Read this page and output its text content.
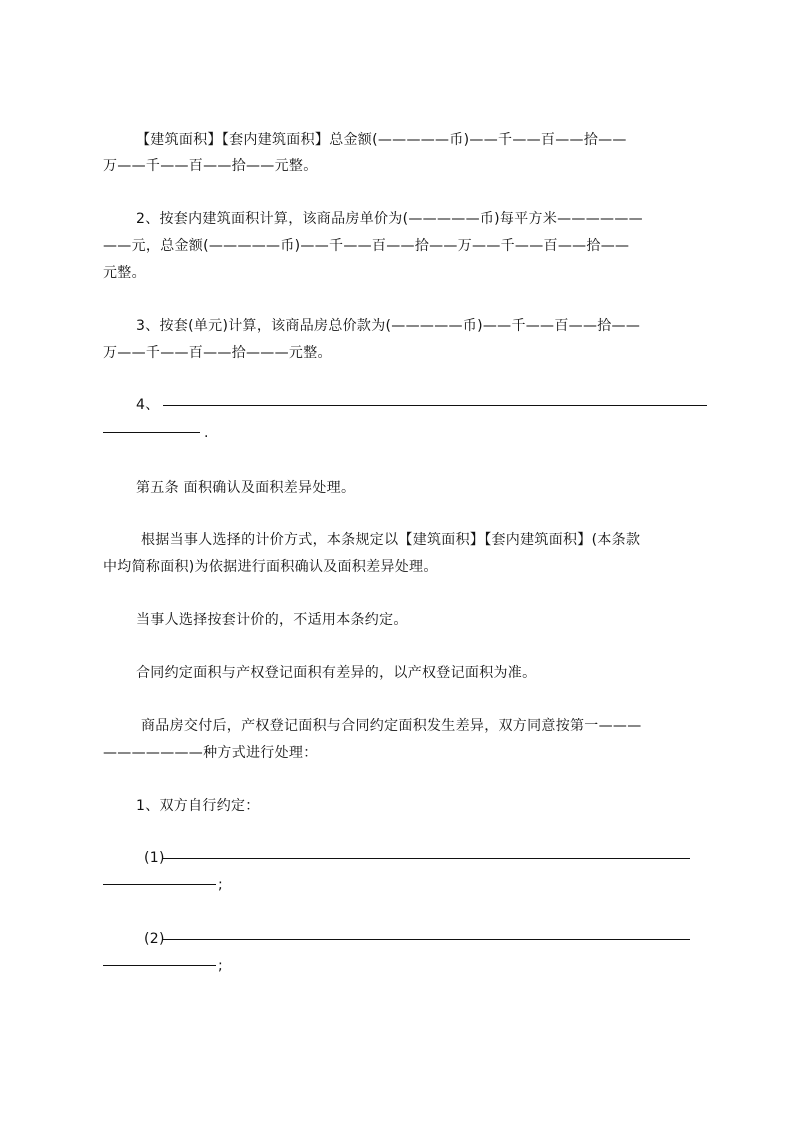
【建筑面积】【套内建筑面积】总金额(—————币)——千——百——拾——
万——千——百——拾——元整。
2、按套内建筑面积计算，该商品房单价为(—————币)每平方米——————
——元，总金额(—————币)——千——百——拾——万——千——百——拾——
元整。
3、按套(单元)计算，该商品房总价款为(—————币)——千——百——拾——
万——千——百——拾———元整。
4、
.
第五条 面积确认及面积差异处理。
根据当事人选择的计价方式，本条规定以【建筑面积】【套内建筑面积】(本条款
中均简称面积)为依据进行面积确认及面积差异处理。
当事人选择按套计价的，不适用本条约定。
合同约定面积与产权登记面积有差异的，以产权登记面积为准。
商品房交付后，产权登记面积与合同约定面积发生差异，双方同意按第一———
———————种方式进行处理：
1、双方自行约定：
(1)
;
(2)
;
